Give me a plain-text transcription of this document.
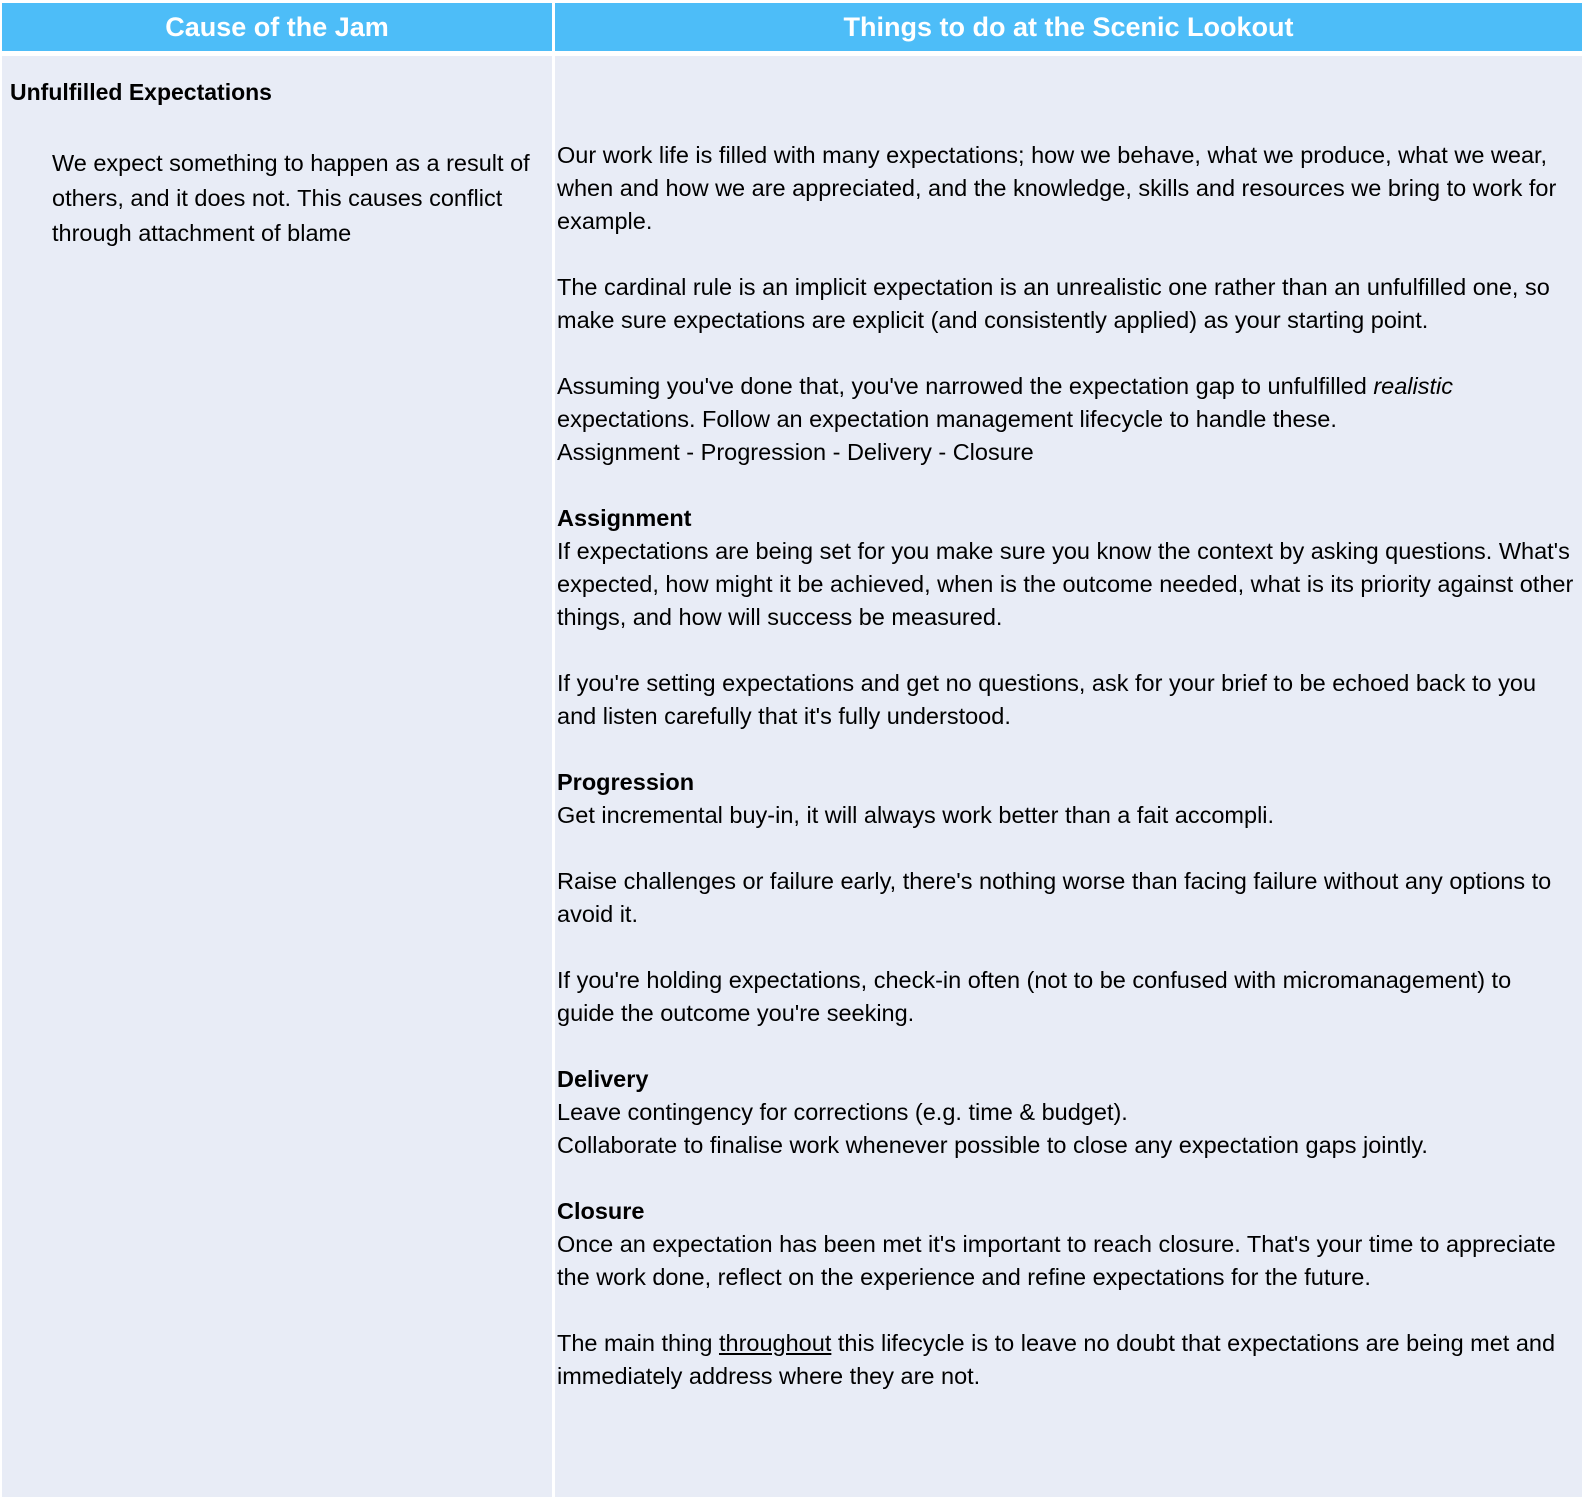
Cause of the Jam	Things to do at the Scenic Lookout
Unfulfilled Expectations

We expect something to happen as a result of others, and it does not. This causes conflict through attachment of blame

Our work life is filled with many expectations; how we behave, what we produce, what we wear, when and how we are appreciated, and the knowledge, skills and resources we bring to work for example.

The cardinal rule is an implicit expectation is an unrealistic one rather than an unfulfilled one, so make sure expectations are explicit (and consistently applied) as your starting point.

Assuming you've done that, you've narrowed the expectation gap to unfulfilled realistic expectations. Follow an expectation management lifecycle to handle these.
Assignment - Progression - Delivery - Closure

Assignment
If expectations are being set for you make sure you know the context by asking questions. What's expected, how might it be achieved, when is the outcome needed, what is its priority against other things, and how will success be measured.

If you're setting expectations and get no questions, ask for your brief to be echoed back to you and listen carefully that it's fully understood.

Progression
Get incremental buy-in, it will always work better than a fait accompli.

Raise challenges or failure early, there's nothing worse than facing failure without any options to avoid it.

If you're holding expectations, check-in often (not to be confused with micromanagement) to guide the outcome you're seeking.

Delivery
Leave contingency for corrections (e.g. time & budget).
Collaborate to finalise work whenever possible to close any expectation gaps jointly.

Closure
Once an expectation has been met it's important to reach closure. That's your time to appreciate the work done, reflect on the experience and refine expectations for the future.

The main thing throughout this lifecycle is to leave no doubt that expectations are being met and immediately address where they are not.
